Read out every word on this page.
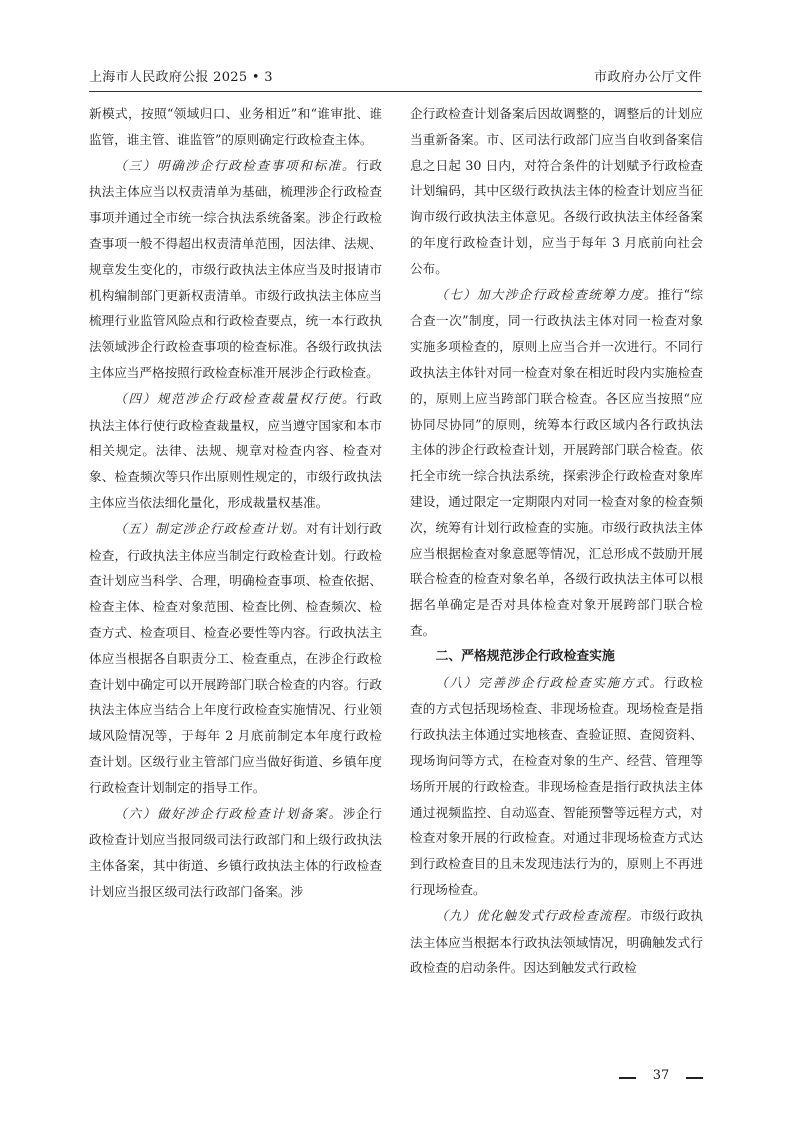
上海市人民政府公报 2025 • 3	市政府办公厅文件

新模式，按照“领域归口、业务相近”和“谁审批、谁监管，谁主管、谁监管”的原则确定行政检查主体。

（三）明确涉企行政检查事项和标准。行政执法主体应当以权责清单为基础，梳理涉企行政检查事项并通过全市统一综合执法系统备案。涉企行政检查事项一般不得超出权责清单范围，因法律、法规、规章发生变化的，市级行政执法主体应当及时报请市机构编制部门更新权责清单。市级行政执法主体应当梳理行业监管风险点和行政检查要点，统一本行政执法领域涉企行政检查事项的检查标准。各级行政执法主体应当严格按照行政检查标准开展涉企行政检查。

（四）规范涉企行政检查裁量权行使。行政执法主体行使行政检查裁量权，应当遵守国家和本市相关规定。法律、法规、规章对检查内容、检查对象、检查频次等只作出原则性规定的，市级行政执法主体应当依法细化量化，形成裁量权基准。

（五）制定涉企行政检查计划。对有计划行政检查，行政执法主体应当制定行政检查计划。行政检查计划应当科学、合理，明确检查事项、检查依据、检查主体、检查对象范围、检查比例、检查频次、检查方式、检查项目、检查必要性等内容。行政执法主体应当根据各自职责分工、检查重点，在涉企行政检查计划中确定可以开展跨部门联合检查的内容。行政执法主体应当结合上年度行政检查实施情况、行业领域风险情况等，于每年 2 月底前制定本年度行政检查计划。区级行业主管部门应当做好街道、乡镇年度行政检查计划制定的指导工作。

（六）做好涉企行政检查计划备案。涉企行政检查计划应当报同级司法行政部门和上级行政执法主体备案，其中街道、乡镇行政执法主体的行政检查计划应当报区级司法行政部门备案。涉

企行政检查计划备案后因故调整的，调整后的计划应当重新备案。市、区司法行政部门应当自收到备案信息之日起 30 日内，对符合条件的计划赋予行政检查计划编码，其中区级行政执法主体的检查计划应当征询市级行政执法主体意见。各级行政执法主体经备案的年度行政检查计划，应当于每年 3 月底前向社会公布。

（七）加大涉企行政检查统筹力度。推行“综合查一次”制度，同一行政执法主体对同一检查对象实施多项检查的，原则上应当合并一次进行。不同行政执法主体针对同一检查对象在相近时段内实施检查的，原则上应当跨部门联合检查。各区应当按照“应协同尽协同”的原则，统筹本行政区域内各行政执法主体的涉企行政检查计划，开展跨部门联合检查。依托全市统一综合执法系统，探索涉企行政检查对象库建设，通过限定一定期限内对同一检查对象的检查频次，统筹有计划行政检查的实施。市级行政执法主体应当根据检查对象意愿等情况，汇总形成不鼓励开展联合检查的检查对象名单，各级行政执法主体可以根据名单确定是否对具体检查对象开展跨部门联合检查。

二、严格规范涉企行政检查实施

（八）完善涉企行政检查实施方式。行政检查的方式包括现场检查、非现场检查。现场检查是指行政执法主体通过实地核查、查验证照、查阅资料、现场询问等方式，在检查对象的生产、经营、管理等场所开展的行政检查。非现场检查是指行政执法主体通过视频监控、自动巡查、智能预警等远程方式，对检查对象开展的行政检查。对通过非现场检查方式达到行政检查目的且未发现违法行为的，原则上不再进行现场检查。

（九）优化触发式行政检查流程。市级行政执法主体应当根据本行政执法领域情况，明确触发式行政检查的启动条件。因达到触发式行政检

37
